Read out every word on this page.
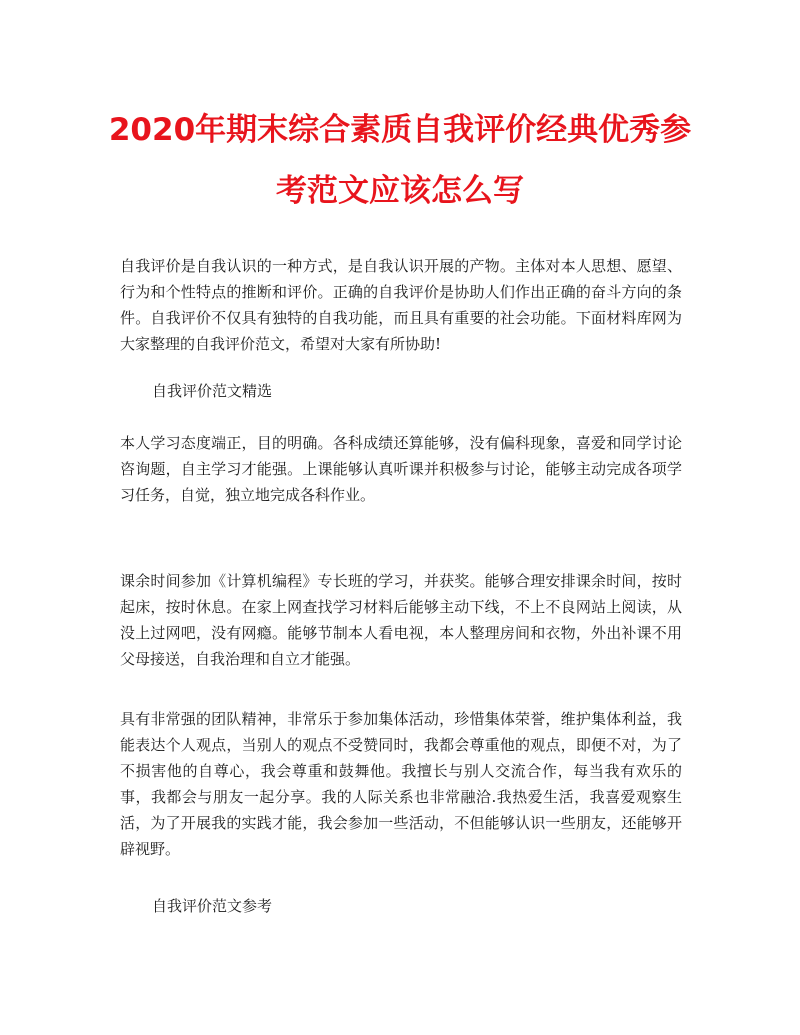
2020年期末综合素质自我评价经典优秀参
考范文应该怎么写

自我评价是自我认识的一种方式，是自我认识开展的产物。主体对本人思想、愿望、行为和个性特点的推断和评价。正确的自我评价是协助人们作出正确的奋斗方向的条件。自我评价不仅具有独特的自我功能，而且具有重要的社会功能。下面材料库网为大家整理的自我评价范文，希望对大家有所协助!

自我评价范文精选

本人学习态度端正，目的明确。各科成绩还算能够，没有偏科现象，喜爱和同学讨论咨询题，自主学习才能强。上课能够认真听课并积极参与讨论，能够主动完成各项学习任务，自觉，独立地完成各科作业。

课余时间参加《计算机编程》专长班的学习，并获奖。能够合理安排课余时间，按时起床，按时休息。在家上网查找学习材料后能够主动下线，不上不良网站上阅读，从没上过网吧，没有网瘾。能够节制本人看电视，本人整理房间和衣物，外出补课不用父母接送，自我治理和自立才能强。

具有非常强的团队精神，非常乐于参加集体活动，珍惜集体荣誉，维护集体利益，我能表达个人观点，当别人的观点不受赞同时，我都会尊重他的观点，即便不对，为了不损害他的自尊心，我会尊重和鼓舞他。我擅长与别人交流合作，每当我有欢乐的事，我都会与朋友一起分享。我的人际关系也非常融洽.我热爱生活，我喜爱观察生活，为了开展我的实践才能，我会参加一些活动，不但能够认识一些朋友，还能够开辟视野。

自我评价范文参考
